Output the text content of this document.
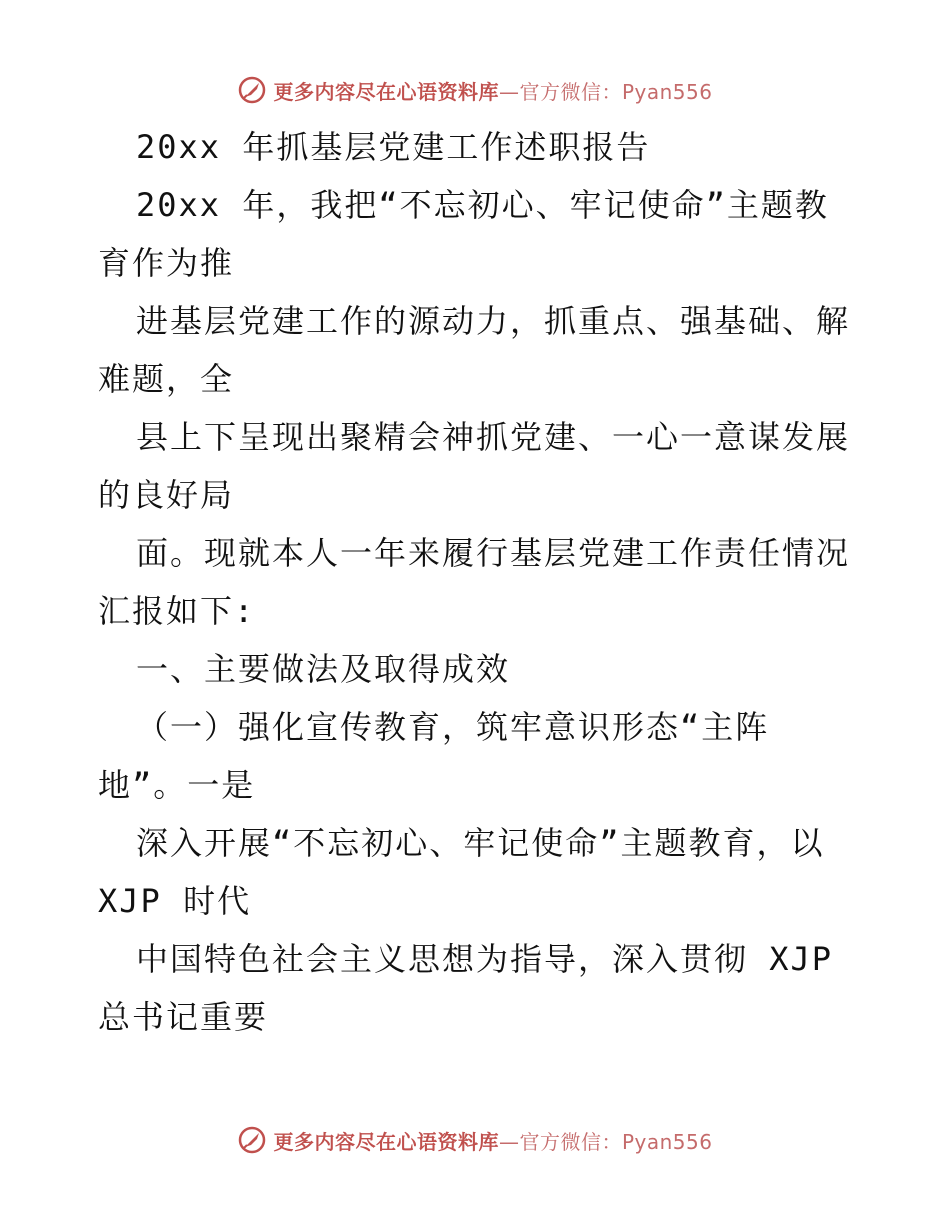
更多内容尽在心语资料库 —官方微信：Pyan556
20xx 年抓基层党建工作述职报告
20xx 年，我把“不忘初心、牢记使命”主题教
育作为推
进基层党建工作的源动力，抓重点、强基础、解
难题，全
县上下呈现出聚精会神抓党建、一心一意谋发展
的良好局
面。现就本人一年来履行基层党建工作责任情况
汇报如下:
一、主要做法及取得成效
（一）强化宣传教育，筑牢意识形态“主阵
地”。一是
深入开展“不忘初心、牢记使命”主题教育，以
XJP 时代
中国特色社会主义思想为指导，深入贯彻 XJP
总书记重要
更多内容尽在心语资料库 —官方微信：Pyan556
